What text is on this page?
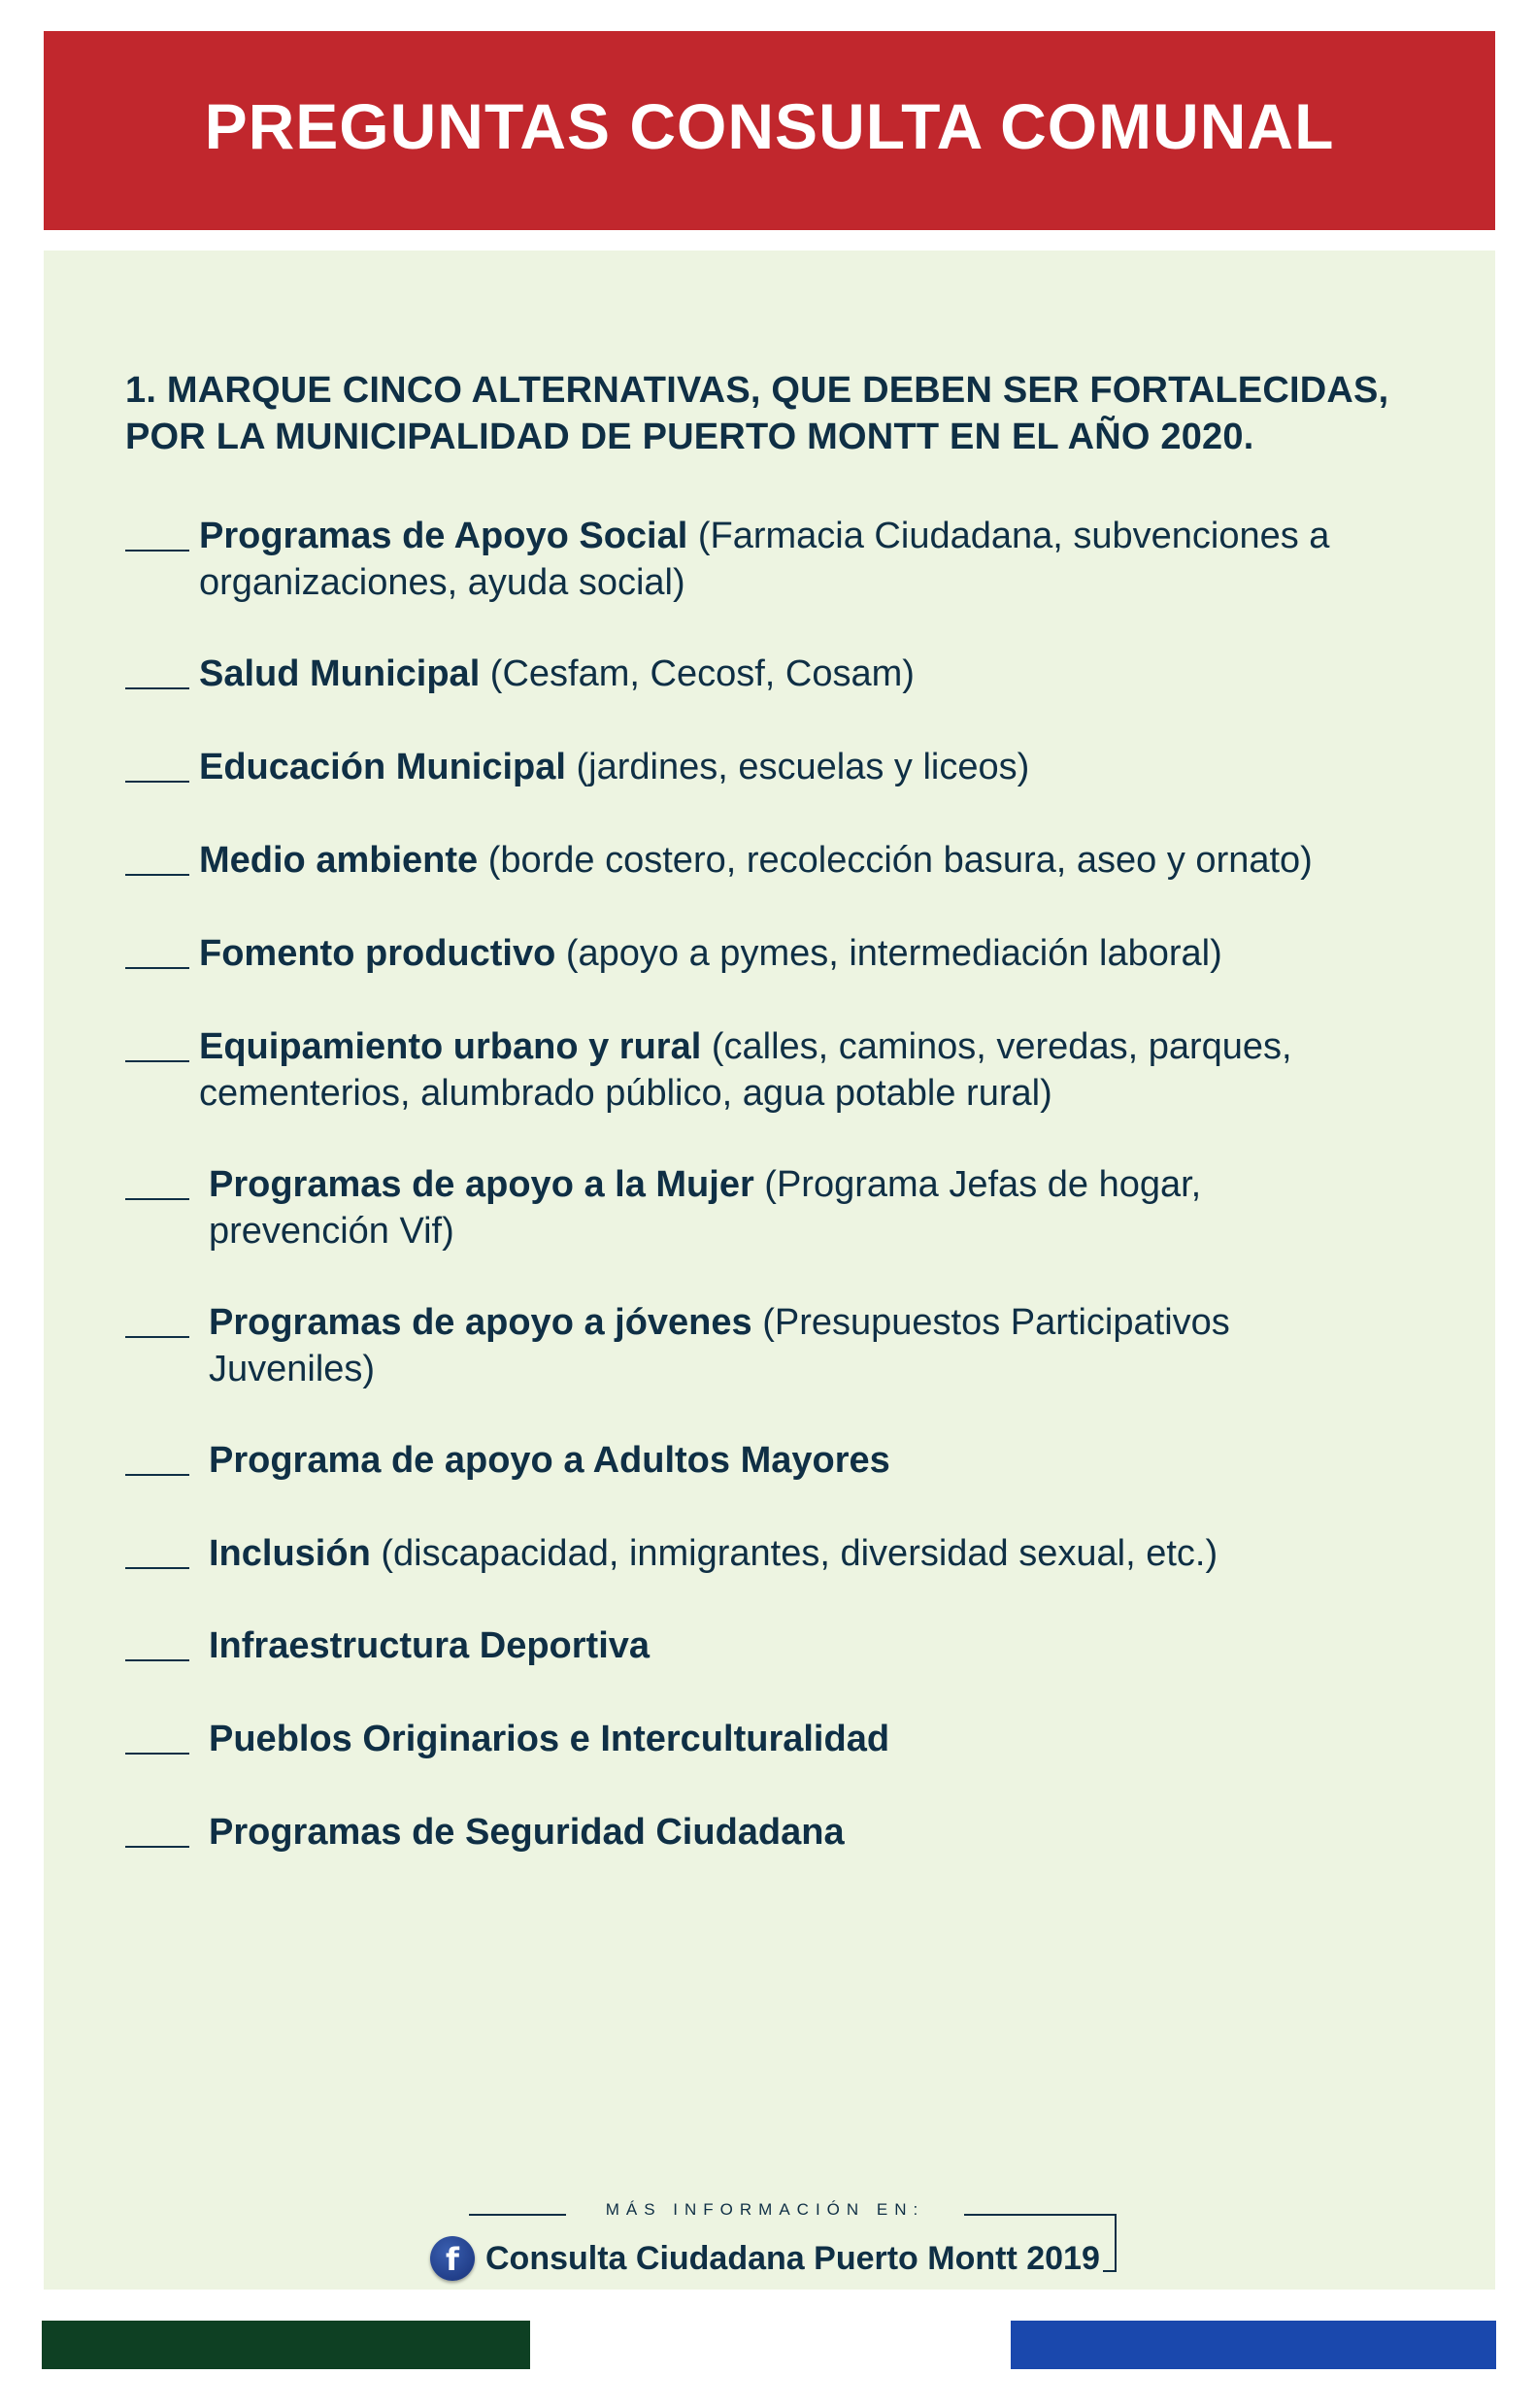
PREGUNTAS CONSULTA COMUNAL
1. MARQUE CINCO ALTERNATIVAS, QUE DEBEN SER FORTALECIDAS,
POR LA MUNICIPALIDAD DE PUERTO MONTT EN EL AÑO 2020.
Programas de Apoyo Social (Farmacia Ciudadana, subvenciones a organizaciones, ayuda social)
Salud Municipal (Cesfam, Cecosf, Cosam)
Educación Municipal (jardines, escuelas y liceos)
Medio ambiente (borde costero, recolección basura, aseo y ornato)
Fomento productivo (apoyo a pymes, intermediación laboral)
Equipamiento urbano y rural (calles, caminos, veredas, parques, cementerios, alumbrado público, agua potable rural)
Programas de apoyo a la Mujer (Programa Jefas de hogar, prevención Vif)
Programas de apoyo a jóvenes (Presupuestos Participativos Juveniles)
Programa de apoyo a Adultos Mayores
Inclusión (discapacidad, inmigrantes, diversidad sexual, etc.)
Infraestructura Deportiva
Pueblos Originarios e Interculturalidad
Programas de Seguridad Ciudadana
MÁS INFORMACIÓN EN:
f Consulta Ciudadana Puerto Montt 2019
